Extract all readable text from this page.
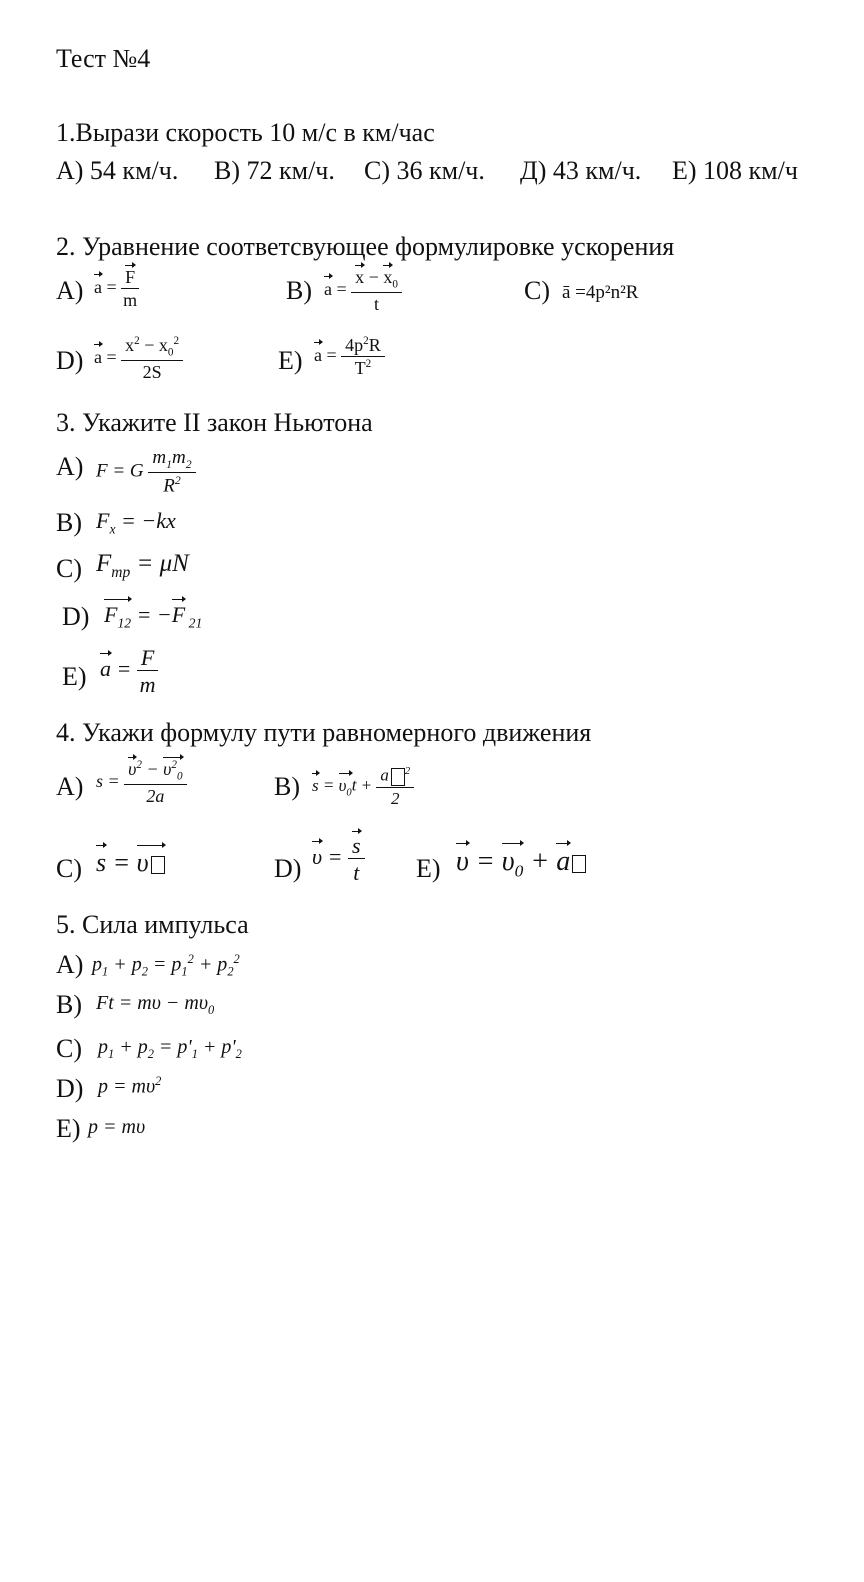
Тест №4
1.Вырази скорость 10 м/с в км/час
А) 54 км/ч. В) 72 км/ч. С) 36 км/ч. Д) 43 км/ч. Е) 108 км/ч
2. Уравнение соответсвующее формулировке ускорения
A) $a = \frac{F}{m}$	B) $a = \frac{x - x_0}{t}$	C) ā =4p²n²R
D) $a = \frac{x^2 - x_0^2}{2S}$	E) $a = \frac{4p^2R}{T^2}$
3. Укажите II закон Ньютона
A) F = G $\frac{m_1m_2}{R^2}$
B) $F_x = -kx$
C) $F_{тр} = \mu N$
D) $F_{12} = -F$ $_{21}$
E) $a = \frac{F}{m}$
4. Укажи формулу пути равномерного движения
A) $s = \frac{\upsilon^2 - \upsilon^2_0}{2a}$	B) $s = \upsilon_0t + \frac{a ^2}{2}$
C) s = υ	D) $\upsilon = \frac{s}{t} E$) $\upsilon = \upsilon_0 + a$
5. Сила импульса
A) $p_1 + p_2 = p_1^2 + p_2^2$
B) $Ft = m\upsilon - m\upsilon_0$
C) $p_1 + p_2 = p'_1 + p'_2$
D) $p = m\upsilon^2$
E) p = mυ
